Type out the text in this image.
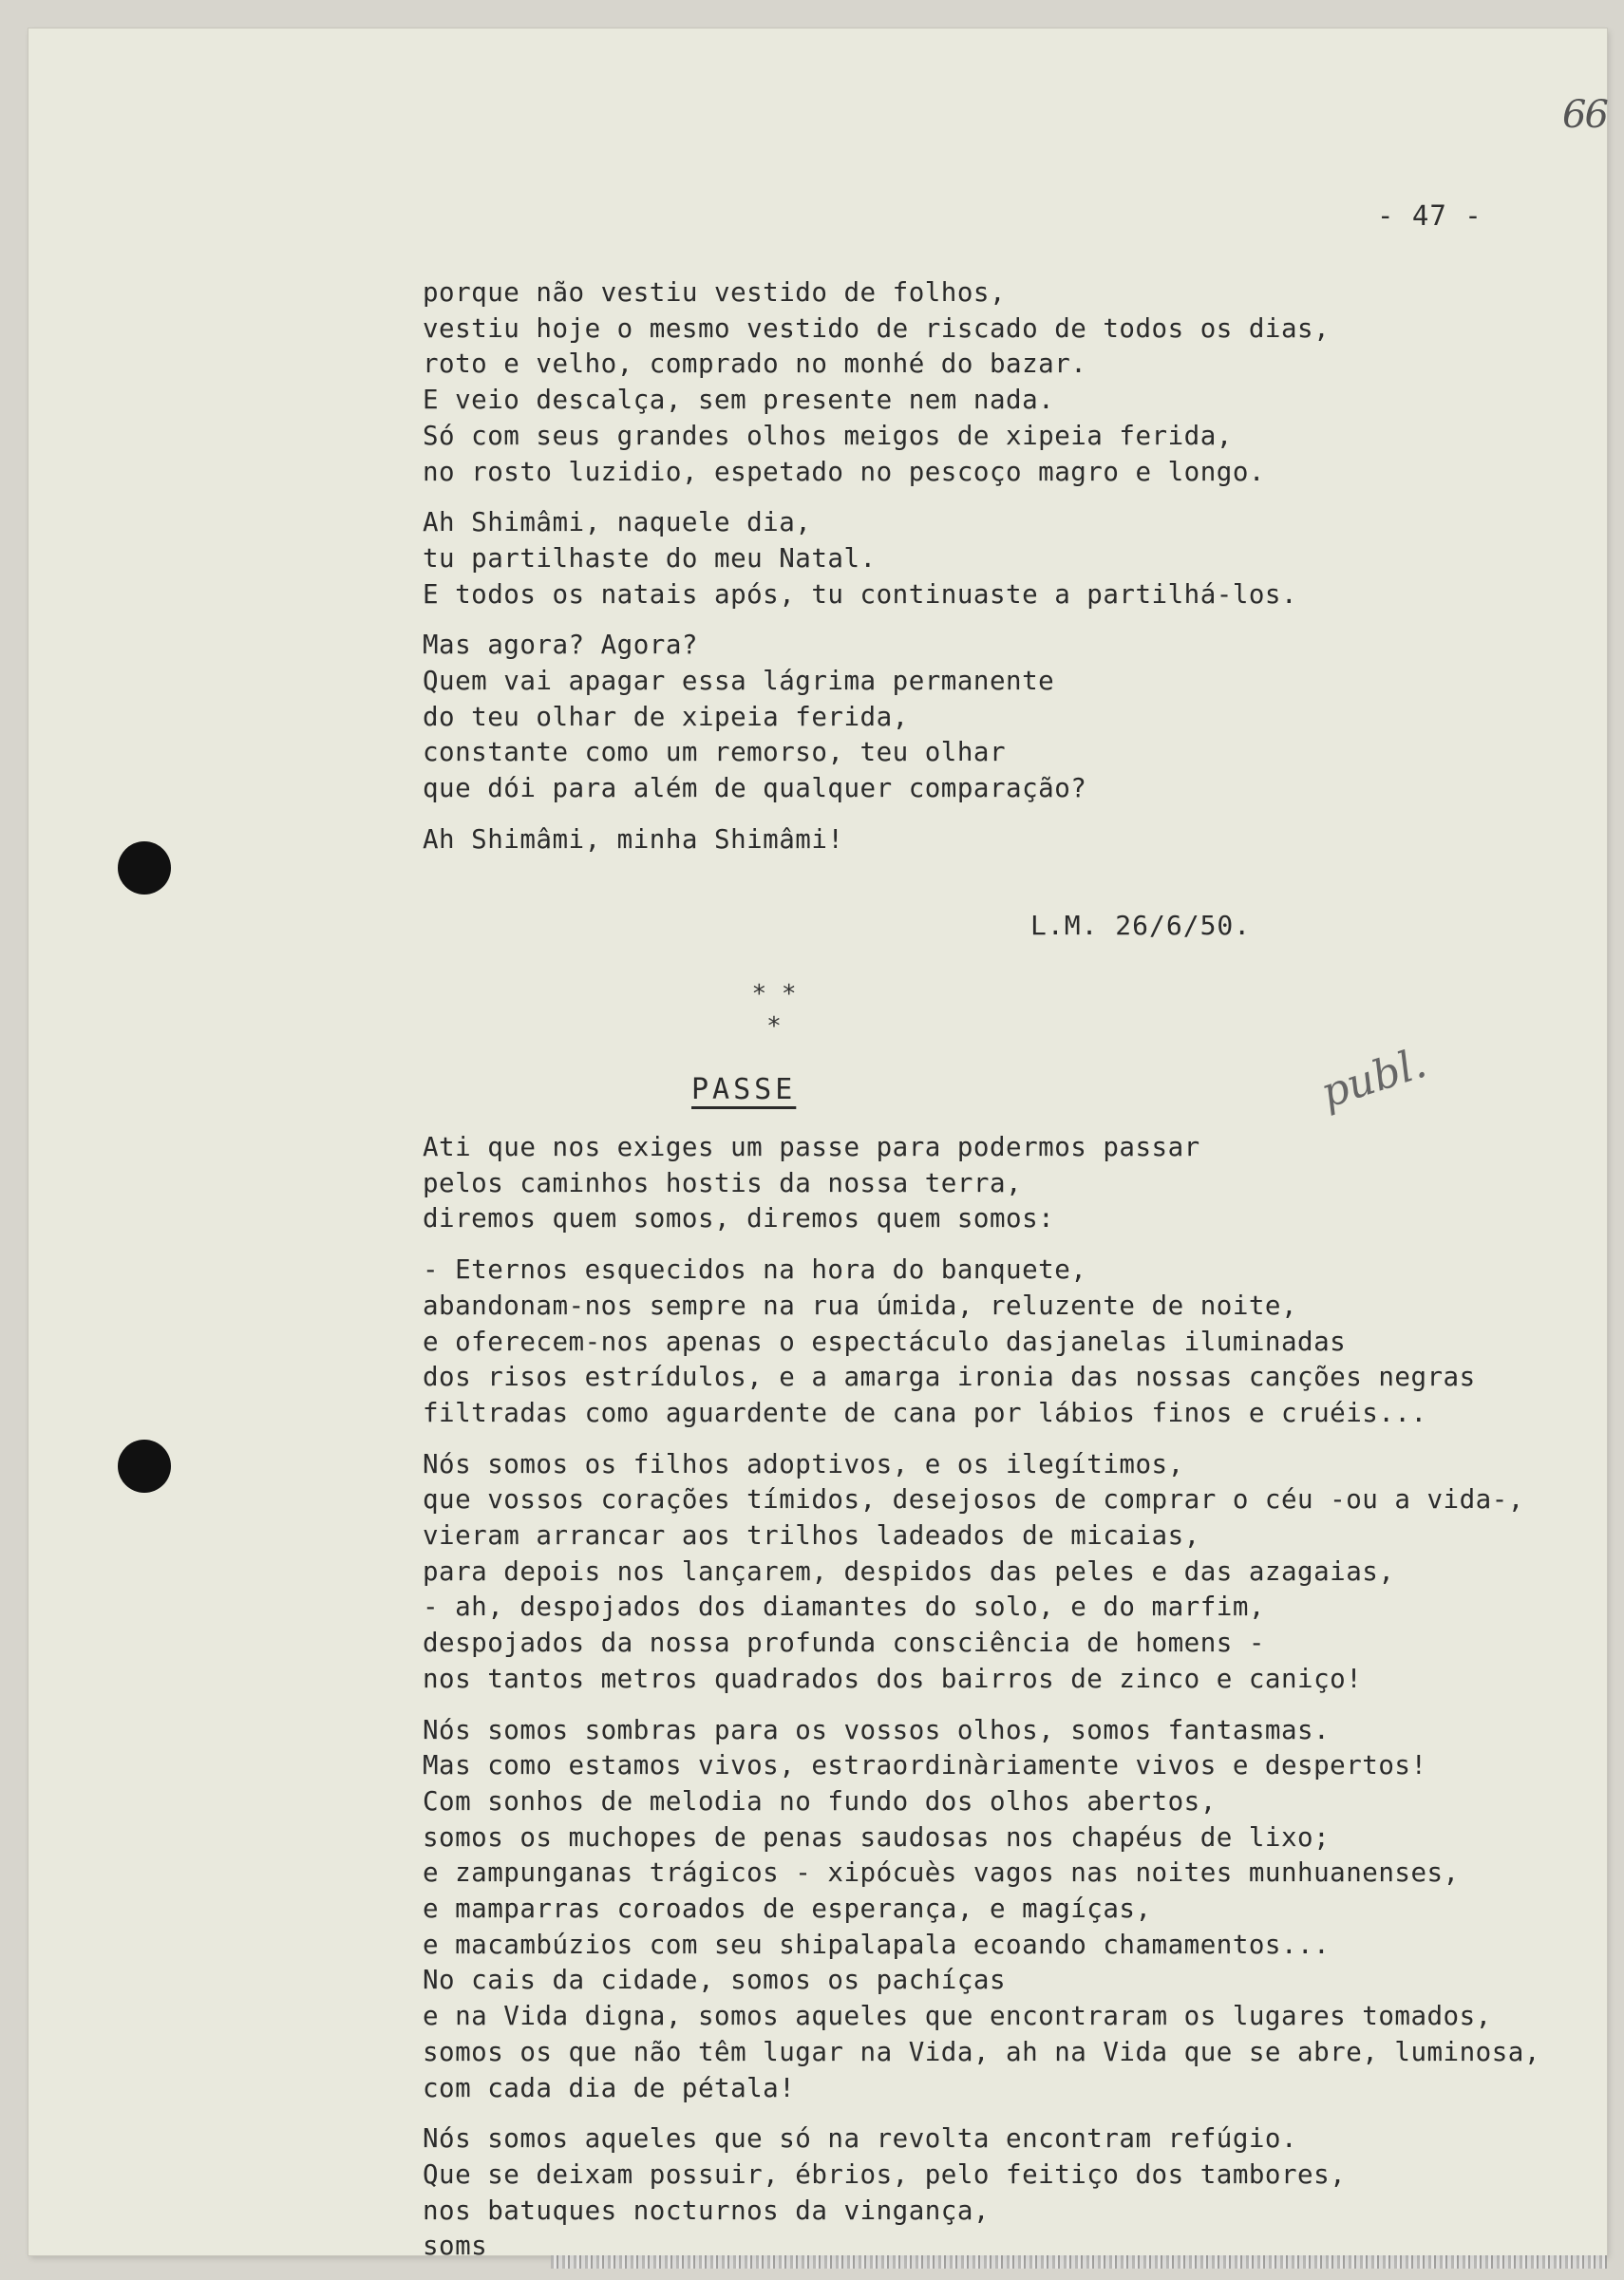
66
- 47 -
porque não vestiu vestido de folhos,
vestiu hoje o mesmo vestido de riscado de todos os dias,
roto e velho, comprado no monhé do bazar.
E veio descalça, sem presente nem nada.
Só com seus grandes olhos meigos de xipeia ferida,
no rosto luzidio, espetado no pescoço magro e longo.
Ah Shimâmi, naquele dia,
tu partilhaste do meu Natal.
E todos os natais após, tu continuaste a partilhá-los.
Mas agora? Agora?
Quem vai apagar essa lágrima permanente
do teu olhar de xipeia ferida,
constante como um remorso, teu olhar
que dói para além de qualquer comparação?
Ah Shimâmi, minha Shimâmi!
L.M. 26/6/50.
* *
*
PASSE	publ.
Ati que nos exiges um passe para podermos passar
pelos caminhos hostis da nossa terra,
diremos quem somos, diremos quem somos:
- Eternos esquecidos na hora do banquete,
abandonam-nos sempre na rua úmida, reluzente de noite,
e oferecem-nos apenas o espectáculo dasjanelas iluminadas
dos risos estrídulos, e a amarga ironia das nossas canções negras
filtradas como aguardente de cana por lábios finos e cruéis...
Nós somos os filhos adoptivos, e os ilegítimos,
que vossos corações tímidos, desejosos de comprar o céu -ou a vida-,
vieram arrancar aos trilhos ladeados de micaias,
para depois nos lançarem, despidos das peles e das azagaias,
- ah, despojados dos diamantes do solo, e do marfim,
despojados da nossa profunda consciência de homens -
nos tantos metros quadrados dos bairros de zinco e caniço!
Nós somos sombras para os vossos olhos, somos fantasmas.
Mas como estamos vivos, estraordinàriamente vivos e despertos!
Com sonhos de melodia no fundo dos olhos abertos,
somos os muchopes de penas saudosas nos chapéus de lixo;
e zampunganas trágicos - xipócuès vagos nas noites munhuanenses,
e mamparras coroados de esperança, e magíças,
e macambúzios com seu shipalapala ecoando chamamentos...
No cais da cidade, somos os pachíças
e na Vida digna, somos aqueles que encontraram os lugares tomados,
somos os que não têm lugar na Vida, ah na Vida que se abre, luminosa,
com cada dia de pétala!
Nós somos aqueles que só na revolta encontram refúgio.
Que se deixam possuir, ébrios, pelo feitiço dos tambores,
nos batuques nocturnos da vingança,
soms
